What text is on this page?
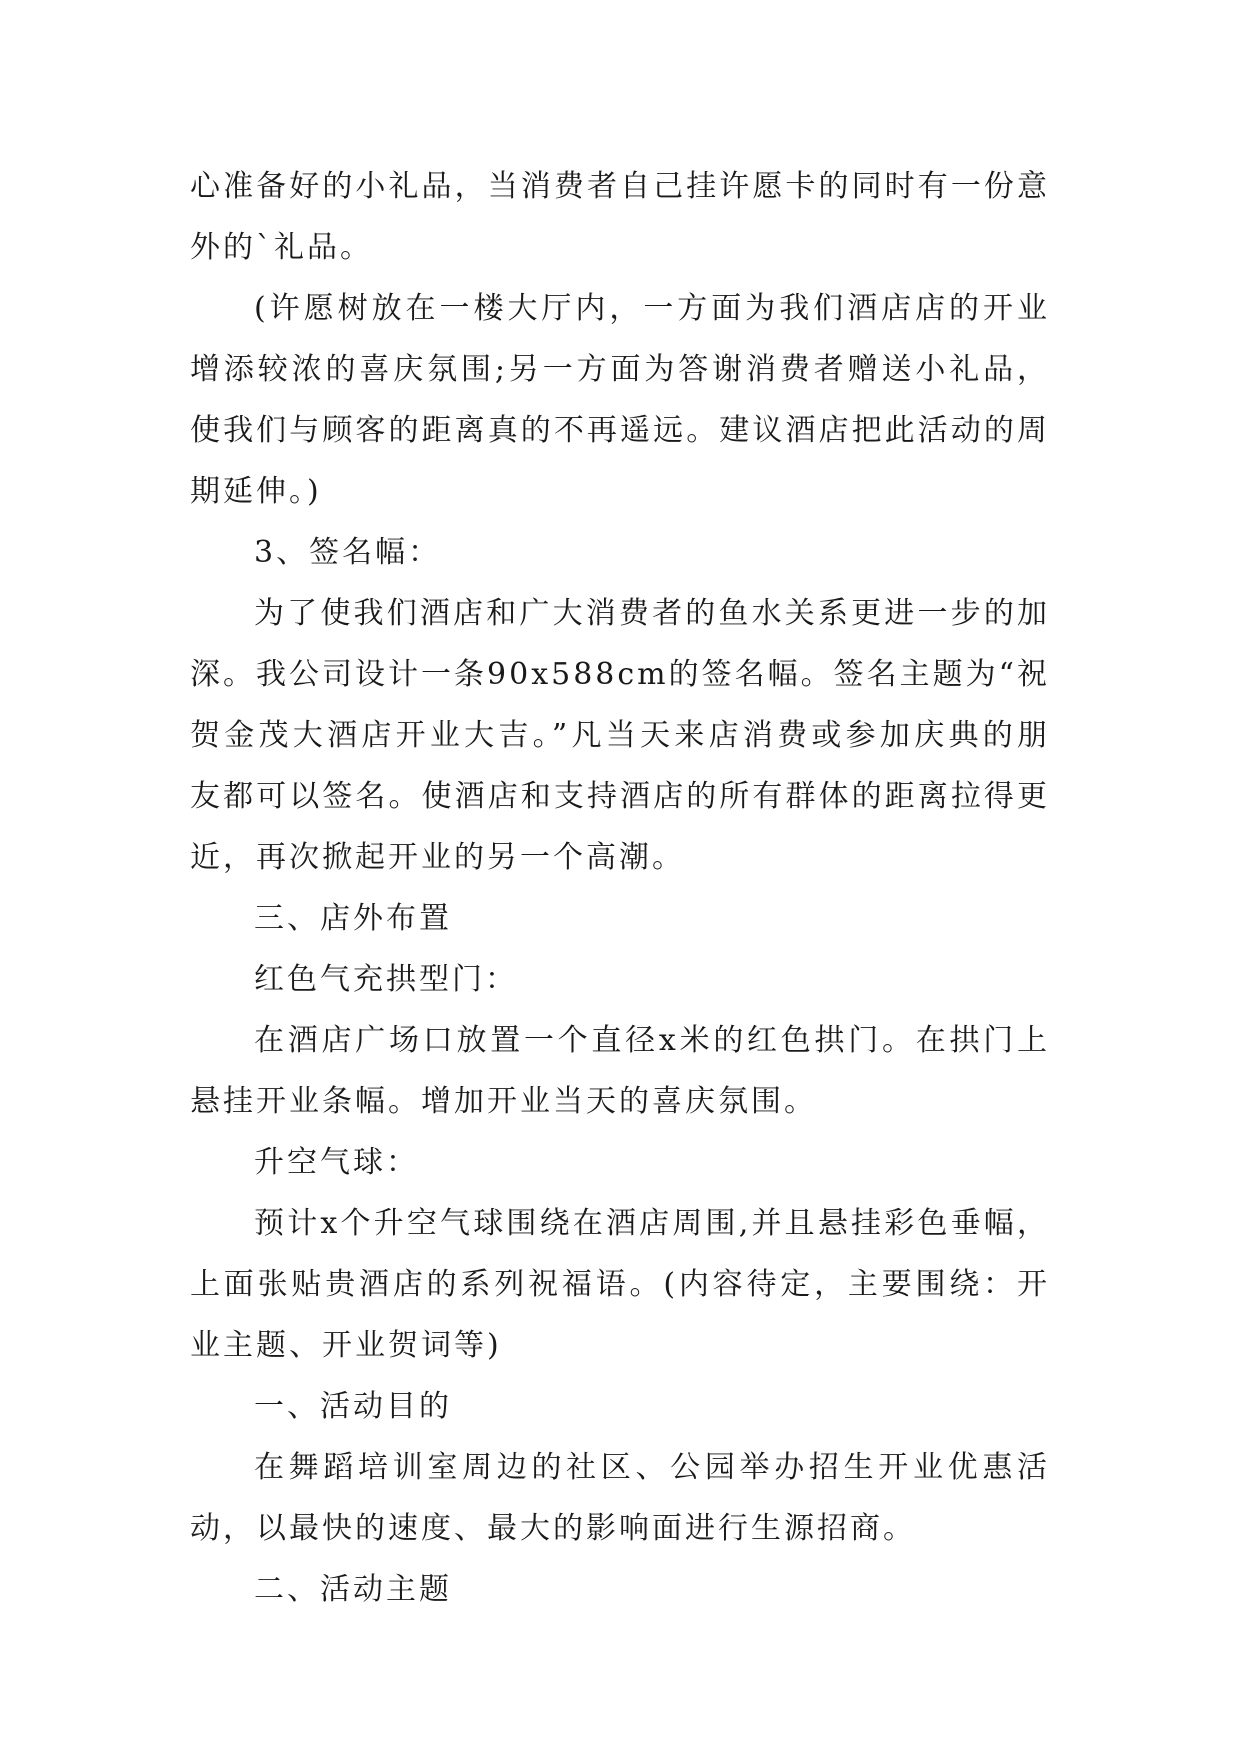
心准备好的小礼品，当消费者自己挂许愿卡的同时有一份意外的`礼品。

(许愿树放在一楼大厅内，一方面为我们酒店店的开业增添较浓的喜庆氛围;另一方面为答谢消费者赠送小礼品，使我们与顾客的距离真的不再遥远。建议酒店把此活动的周期延伸。)

3、签名幅：

为了使我们酒店和广大消费者的鱼水关系更进一步的加深。我公司设计一条90x588cm的签名幅。签名主题为“祝贺金茂大酒店开业大吉。”凡当天来店消费或参加庆典的朋友都可以签名。使酒店和支持酒店的所有群体的距离拉得更近，再次掀起开业的另一个高潮。

三、店外布置

红色气充拱型门：

在酒店广场口放置一个直径x米的红色拱门。在拱门上悬挂开业条幅。增加开业当天的喜庆氛围。

升空气球：

预计x个升空气球围绕在酒店周围,并且悬挂彩色垂幅，上面张贴贵酒店的系列祝福语。(内容待定，主要围绕：开业主题、开业贺词等)

一、活动目的

在舞蹈培训室周边的社区、公园举办招生开业优惠活动，以最快的速度、最大的影响面进行生源招商。

二、活动主题
